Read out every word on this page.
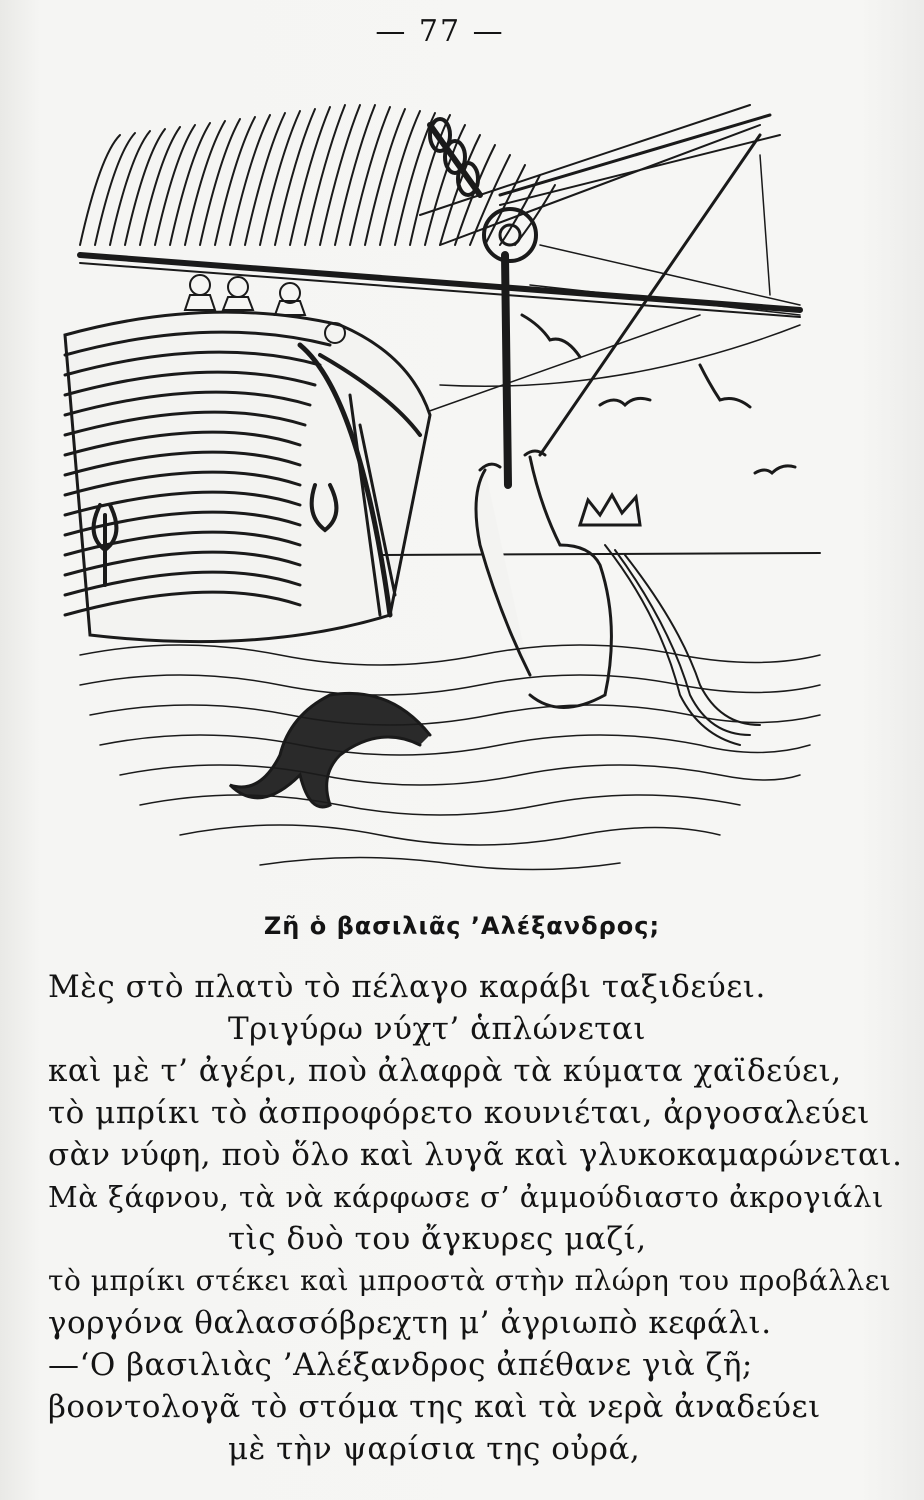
— 77 —
Ζῆ ὁ βασιλιᾶς ’Αλέξανδρος;
Μὲς στὸ πλατὺ τὸ πέλαγο καράβι ταξιδεύει.
Τριγύρω νύχτ’ ἁπλώνεται
καὶ μὲ τ’ ἀγέρι, ποὺ ἀλαφρὰ τὰ κύματα χαϊδεύει,
τὸ μπρίκι τὸ ἀσπροφόρετο κουνιέται, ἀργοσαλεύει
σὰν νύφη, ποὺ ὅλο καὶ λυγᾶ καὶ γλυκοκαμαρώνεται.
Μὰ ξάφνου, τὰ νὰ κάρφωσε σ’ ἀμμούδιαστο ἀκρογιάλι
τὶς δυὸ του ἄγκυρες μαζί,
τὸ μπρίκι στέκει καὶ μπροστὰ στὴν πλώρη του προβάλλει
γοργόνα θαλασσόβρεχτη μ’ ἀγριωπὸ κεφάλι.
—‘Ο βασιλιὰς ’Αλέξανδρος ἀπέθανε γιὰ ζῆ;
βοοντολογᾶ τὸ στόμα της καὶ τὰ νερὰ ἀναδεύει
μὲ τὴν ψαρίσια της οὐρά,
